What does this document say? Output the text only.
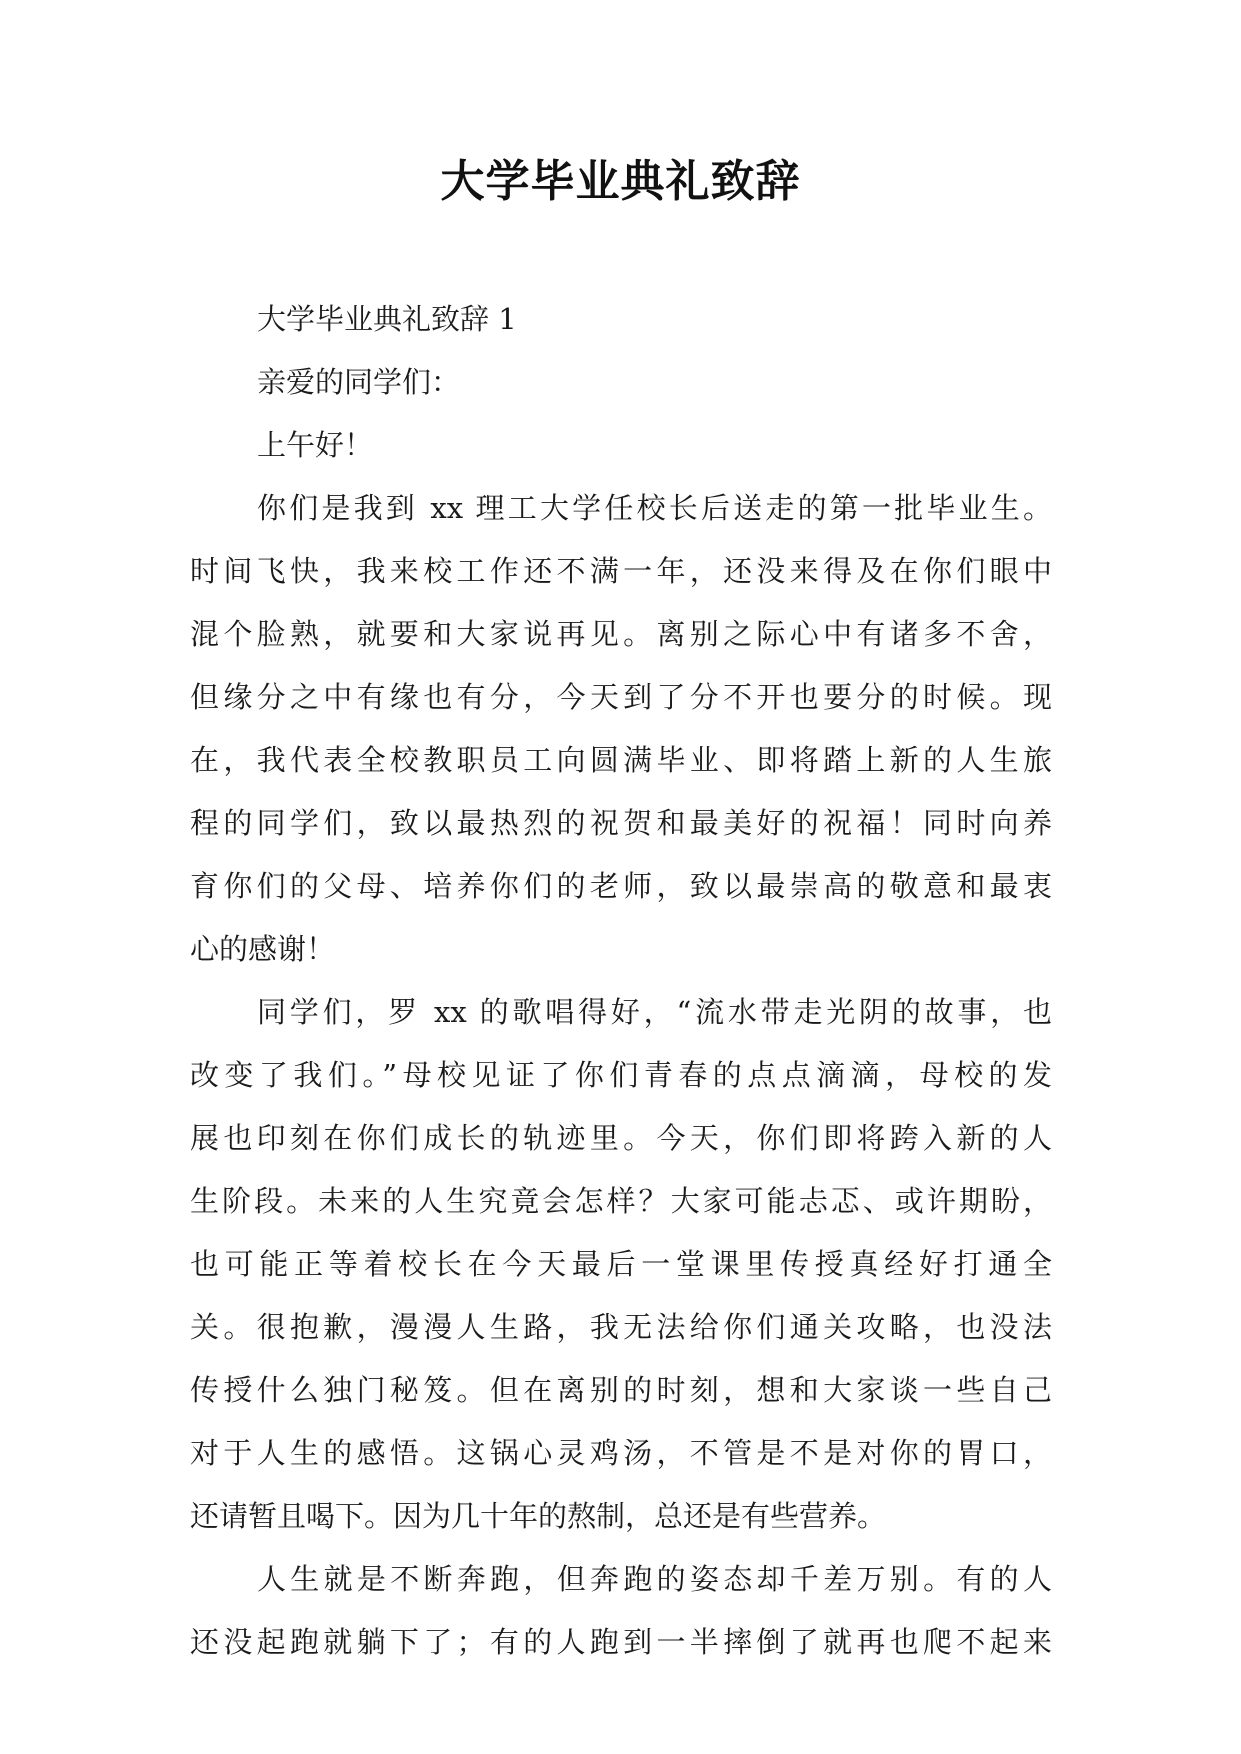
大学毕业典礼致辞
大学毕业典礼致辞 1
亲爱的同学们：
上午好！
你们是我到 xx 理工大学任校长后送走的第一批毕业生。
时间飞快，我来校工作还不满一年，还没来得及在你们眼中
混个脸熟，就要和大家说再见。离别之际心中有诸多不舍，
但缘分之中有缘也有分，今天到了分不开也要分的时候。现
在，我代表全校教职员工向圆满毕业、即将踏上新的人生旅
程的同学们，致以最热烈的祝贺和最美好的祝福！同时向养
育你们的父母、培养你们的老师，致以最崇高的敬意和最衷
心的感谢！
同学们，罗 xx 的歌唱得好，“流水带走光阴的故事，也
改变了我们。”母校见证了你们青春的点点滴滴，母校的发
展也印刻在你们成长的轨迹里。今天，你们即将跨入新的人
生阶段。未来的人生究竟会怎样？大家可能忐忑、或许期盼，
也可能正等着校长在今天最后一堂课里传授真经好打通全
关。很抱歉，漫漫人生路，我无法给你们通关攻略，也没法
传授什么独门秘笈。但在离别的时刻，想和大家谈一些自己
对于人生的感悟。这锅心灵鸡汤，不管是不是对你的胃口，
还请暂且喝下。因为几十年的熬制，总还是有些营养。
人生就是不断奔跑，但奔跑的姿态却千差万别。有的人
还没起跑就躺下了；有的人跑到一半摔倒了就再也爬不起来
